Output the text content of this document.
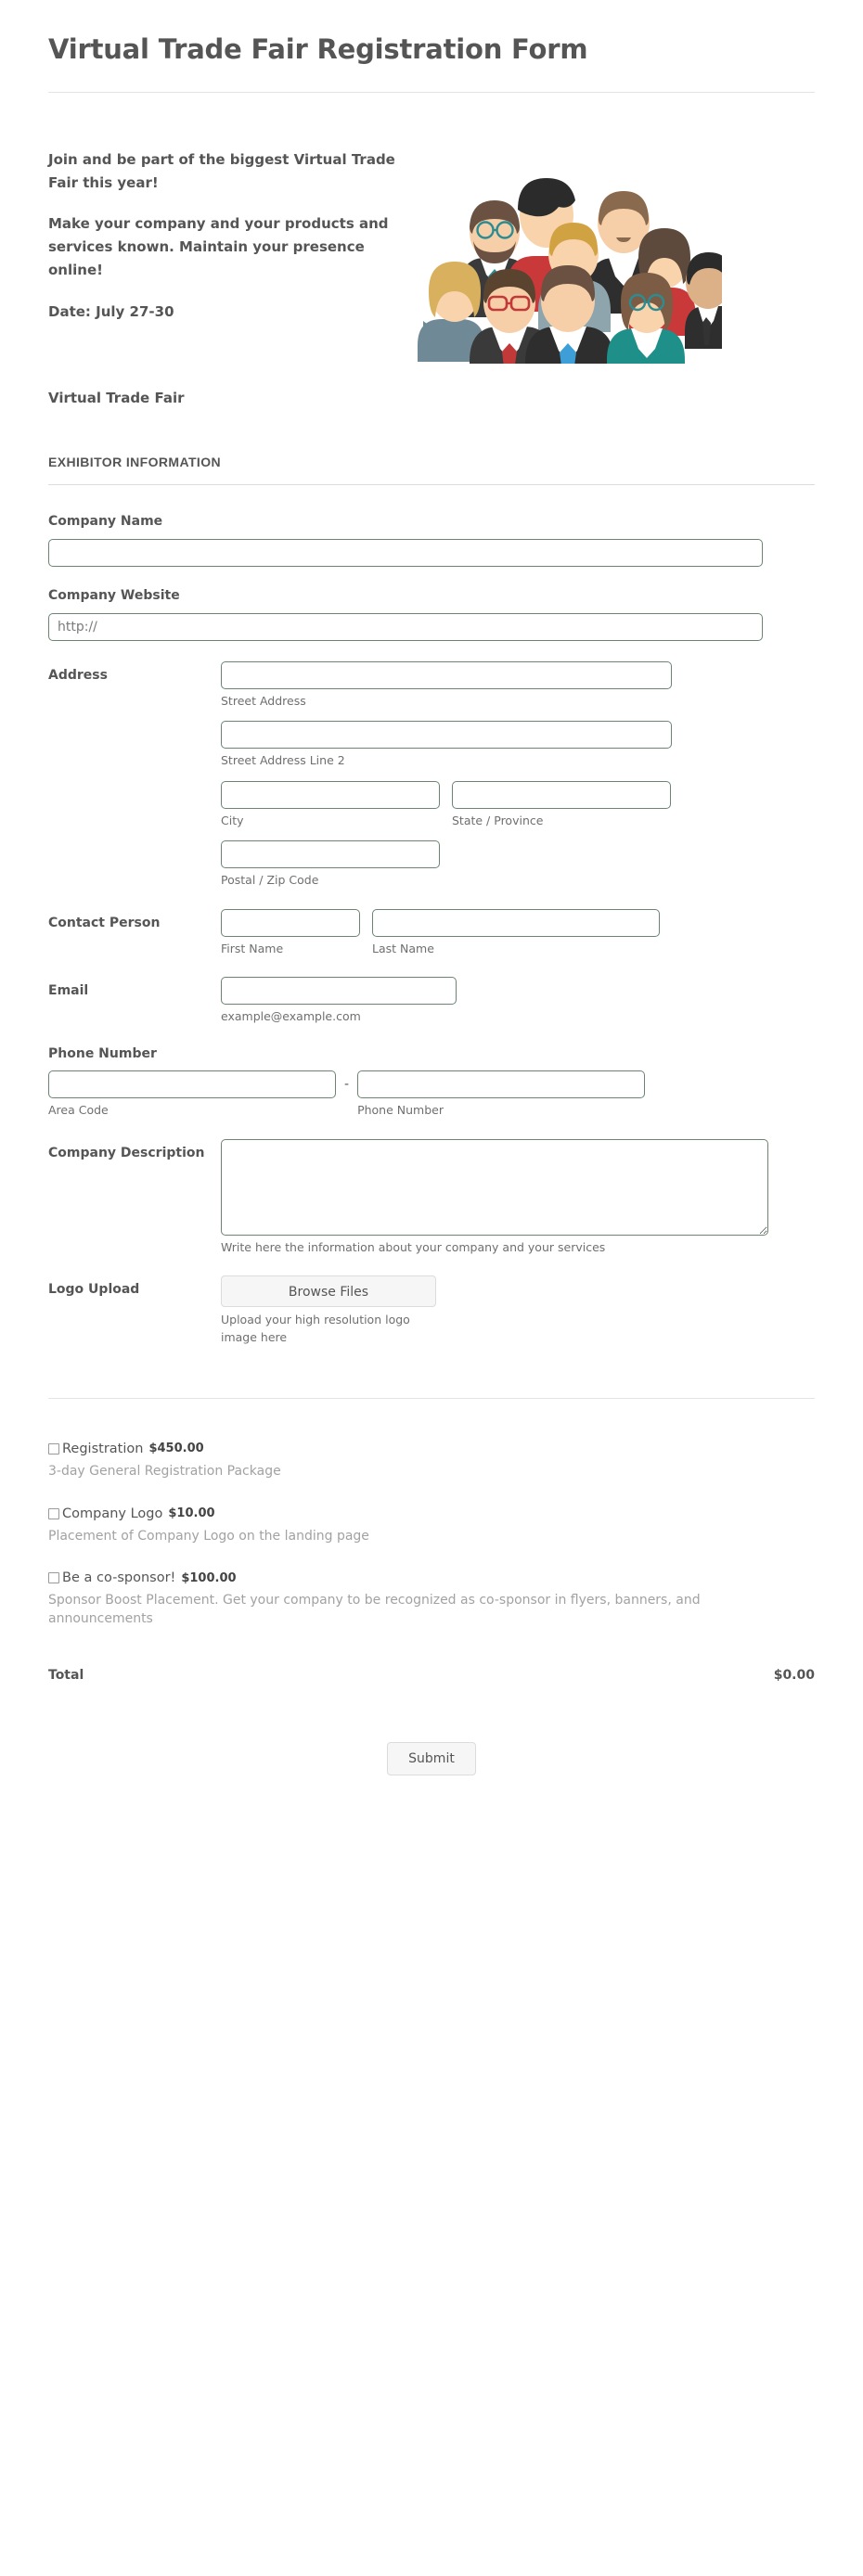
Virtual Trade Fair Registration Form

Join and be part of the biggest Virtual Trade Fair this year!

Make your company and your products and services known. Maintain your presence online!

Date: July 27-30

Virtual Trade Fair
EXHIBITOR INFORMATION
Company Name
Company Website
http://
Address
Street Address
Street Address Line 2
City	State / Province
Postal / Zip Code
Contact Person
First Name	Last Name
Email
example@example.com
Phone Number
Area Code
-
Phone Number
Company Description
Write here the information about your company and your services
Logo Upload	Browse Files
Upload your high resolution logo image here
Registration $450.00
3-day General Registration Package
Company Logo $10.00
Placement of Company Logo on the landing page
Be a co-sponsor! $100.00
Sponsor Boost Placement. Get your company to be recognized as co-sponsor in flyers, banners, and announcements
Total	$0.00
Submit
